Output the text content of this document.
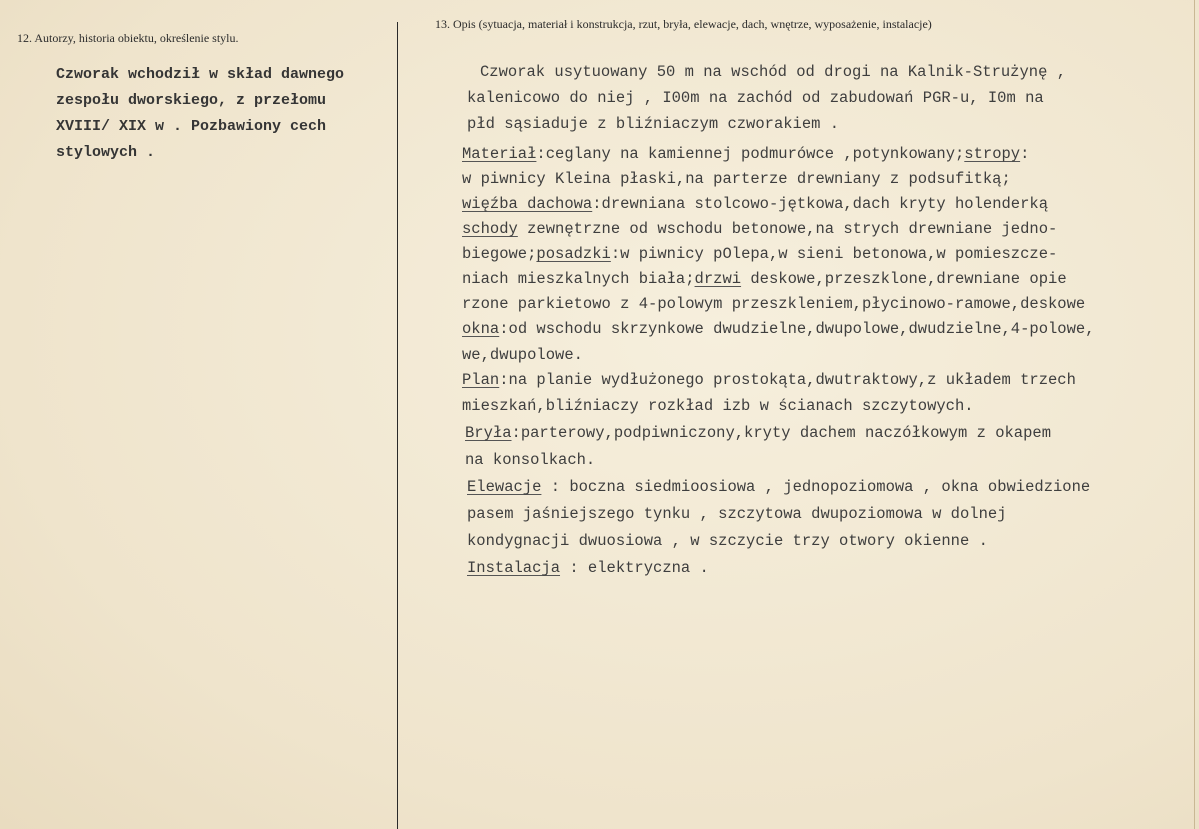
12. Autorzy, historia obiektu, określenie stylu.
Czworak wchodził w skład dawnego
zespołu dworskiego, z przełomu
XVIII/ XIX w . Pozbawiony cech
stylowych .
13. Opis (sytuacja, materiał i konstrukcja, rzut, bryła, elewacje, dach, wnętrze, wyposażenie, instalacje)
Czworak usytuowany 50 m na wschód od drogi na Kalnik-Strużynę ,
kalenicowo do niej , I00m na zachód od zabudowań PGR-u, I0m na
płd sąsiaduje z bliźniaczym czworakiem .
Materiał:ceglany na kamiennej podmurówce ,potynkowany;stropy:
w piwnicy Kleina płaski,na parterze drewniany z podsufitką;
więźba dachowa:drewniana stolcowo-jętkowa,dach kryty holenderką
schody zewnętrzne od wschodu betonowe,na strych drewniane jedno-
biegowe;posadzki:w piwnicy pOlepa,w sieni betonowa,w pomieszcze-
niach mieszkalnych biała;drzwi deskowe,przeszklone,drewniane opie
rzone parkietowo z 4-polowym przeszkleniem,płycinowo-ramowe,deskowe
okna:od wschodu skrzynkowe dwudzielne,dwupolowe,dwudzielne,4-polowe,
we,dwupolowe.
Plan:na planie wydłużonego prostokąta,dwutraktowy,z układem trzech
mieszkań,bliźniaczy rozkład izb w ścianach szczytowych.
Bryła:parterowy,podpiwniczony,kryty dachem naczółkowym z okapem
na konsolkach.
Elewacje : boczna siedmioosiowa , jednopoziomowa , okna obwiedzione
pasem jaśniejszego tynku , szczytowa dwupoziomowa w dolnej
kondygnacji dwuosiowa , w szczycie trzy otwory okienne .
Instalacja : elektryczna .
